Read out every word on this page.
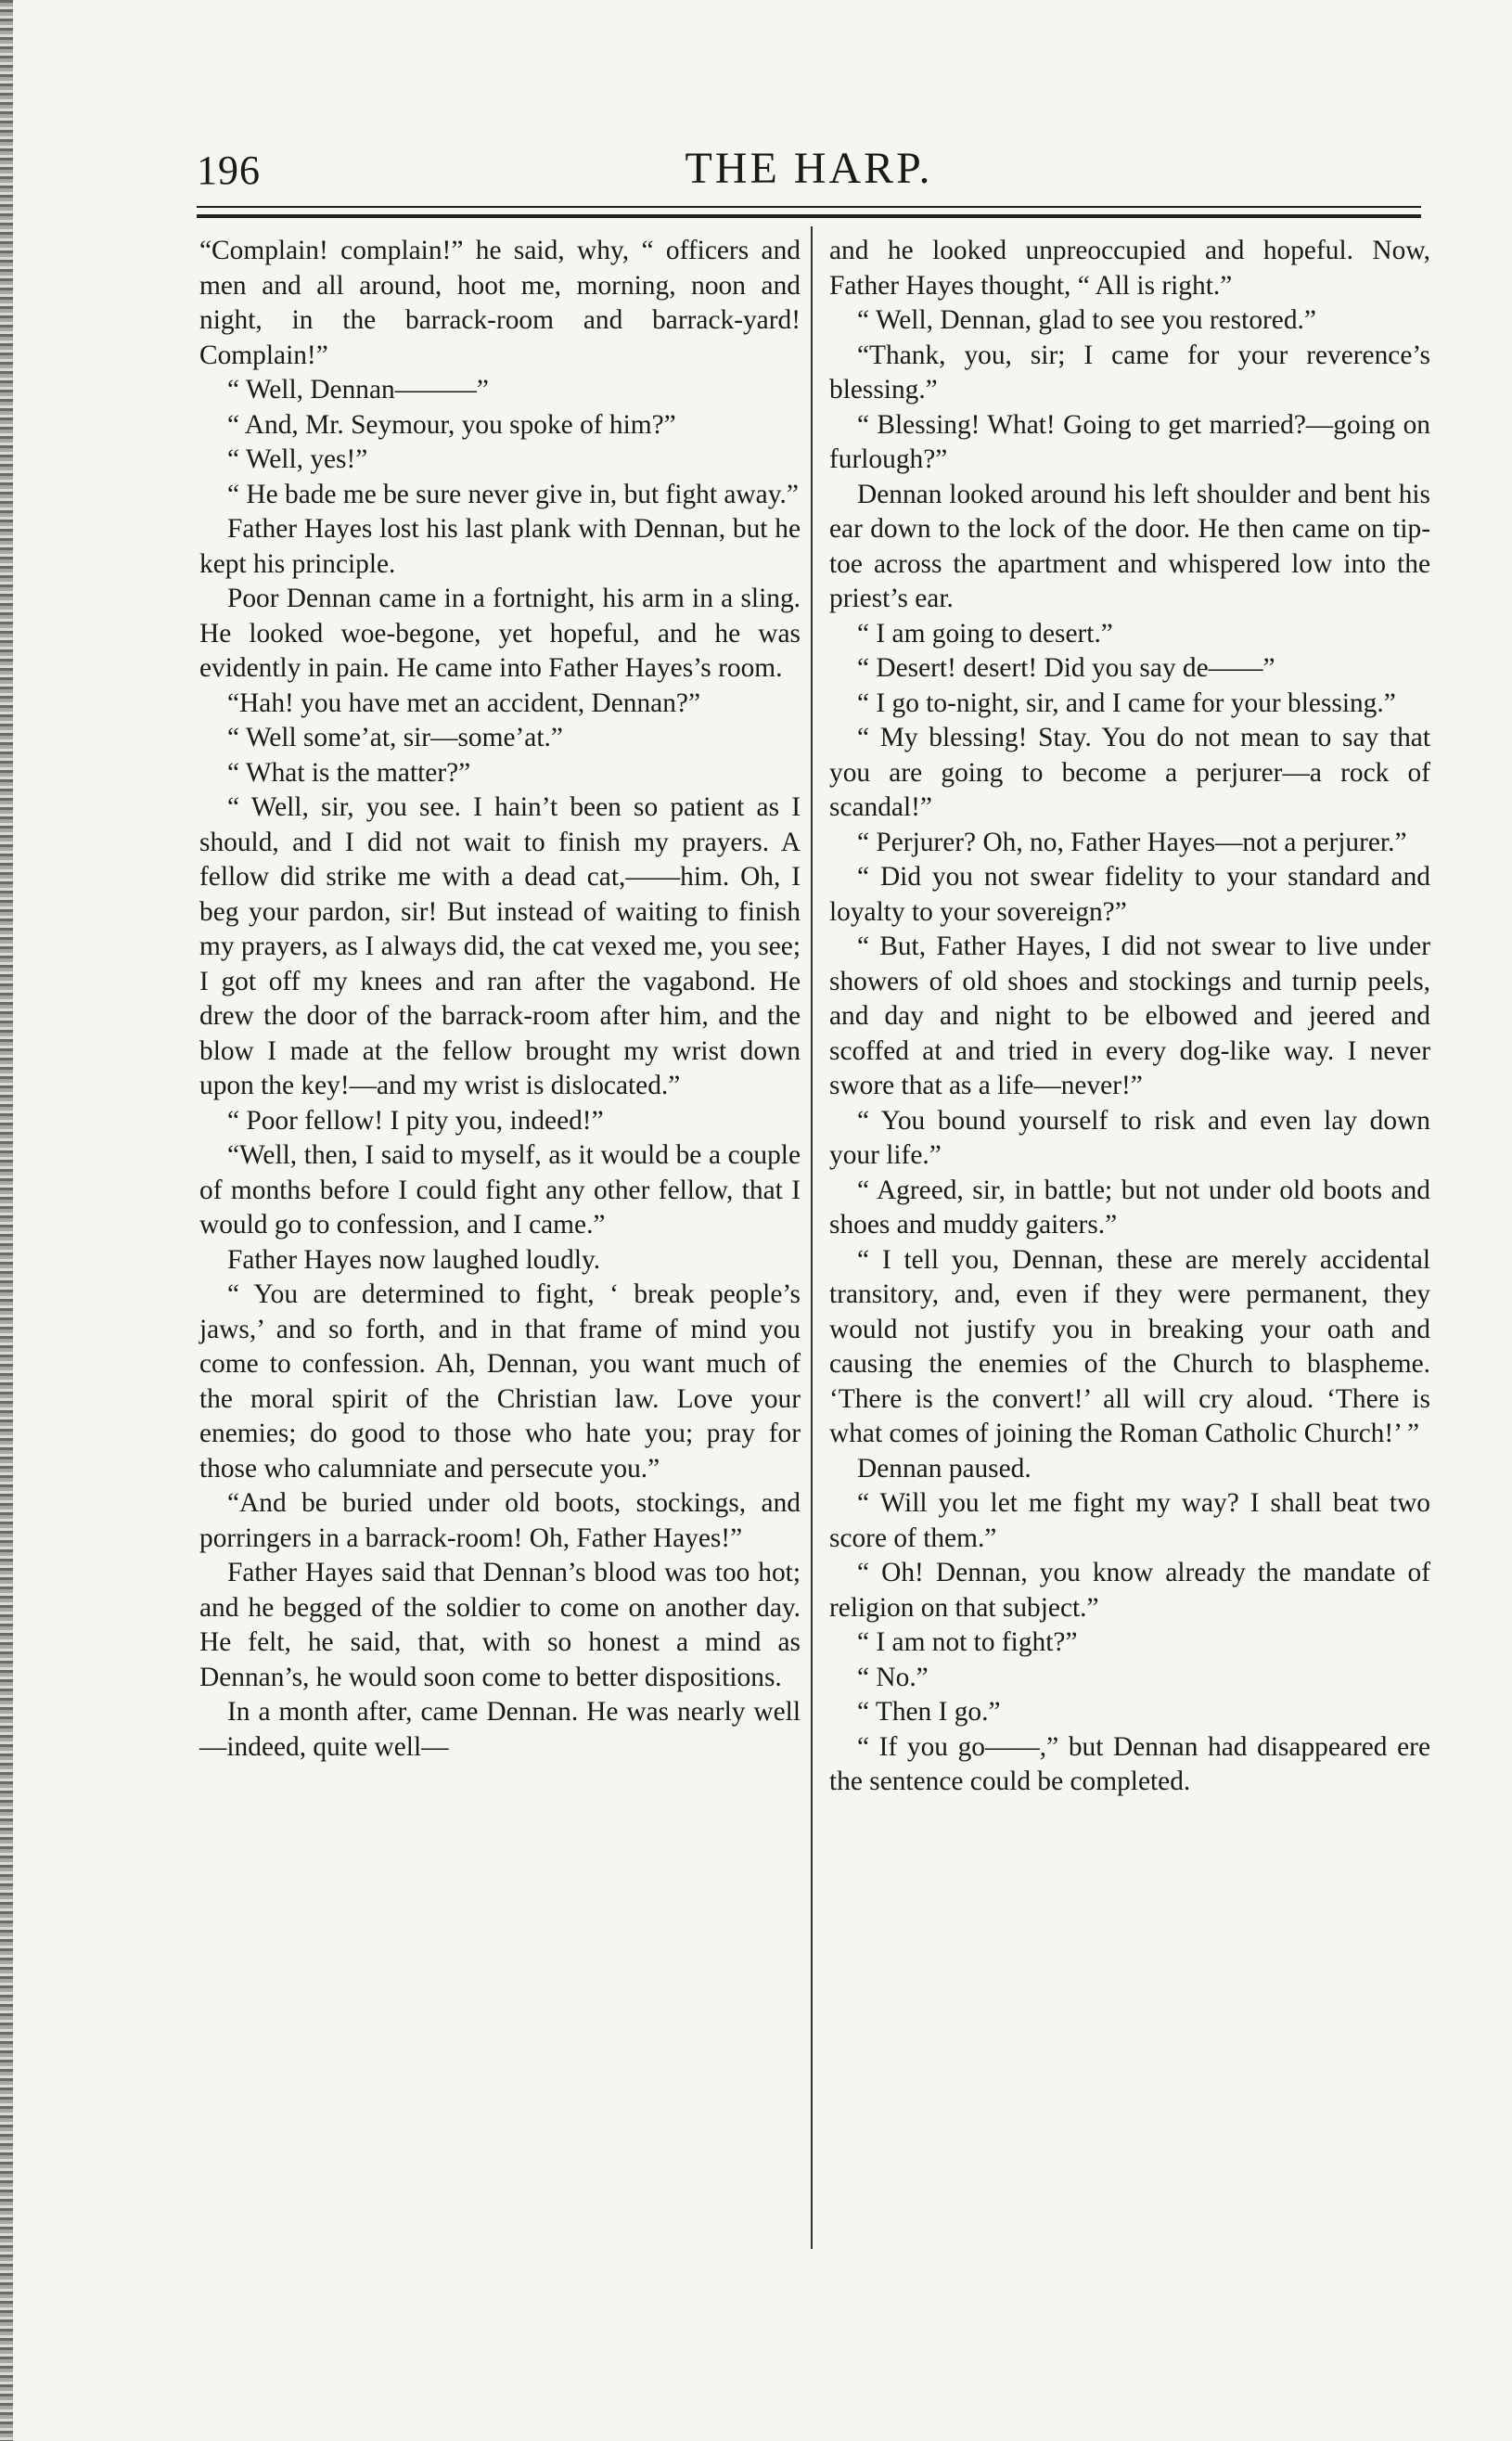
196	THE HARP.

“Complain! complain!” he said, why, “ officers and men and all around, hoot me, morning, noon and night, in the barrack-room and barrack-yard! Complain!”

“ Well, Dennan———”

“ And, Mr. Seymour, you spoke of him?”

“ Well, yes!”

“ He bade me be sure never give in, but fight away.”

Father Hayes lost his last plank with Dennan, but he kept his principle.

Poor Dennan came in a fortnight, his arm in a sling. He looked woe-begone, yet hopeful, and he was evidently in pain. He came into Father Hayes’s room.

“Hah! you have met an accident, Dennan?”

“ Well some’at, sir—some’at.”

“ What is the matter?”

“ Well, sir, you see. I hain’t been so patient as I should, and I did not wait to finish my prayers. A fellow did strike me with a dead cat,——him. Oh, I beg your pardon, sir! But instead of waiting to finish my prayers, as I always did, the cat vexed me, you see; I got off my knees and ran after the vagabond. He drew the door of the barrack-room after him, and the blow I made at the fellow brought my wrist down upon the key!—and my wrist is dislocated.”

“ Poor fellow! I pity you, indeed!”

“Well, then, I said to myself, as it would be a couple of months before I could fight any other fellow, that I would go to confession, and I came.”

Father Hayes now laughed loudly.

“ You are determined to fight, ‘ break people’s jaws,’ and so forth, and in that frame of mind you come to confession. Ah, Dennan, you want much of the moral spirit of the Christian law. Love your enemies; do good to those who hate you; pray for those who calumniate and persecute you.”

“And be buried under old boots, stockings, and porringers in a barrack-room! Oh, Father Hayes!”

Father Hayes said that Dennan’s blood was too hot; and he begged of the soldier to come on another day. He felt, he said, that, with so honest a mind as Dennan’s, he would soon come to better dispositions.

In a month after, came Dennan. He was nearly well—indeed, quite well—

and he looked unpreoccupied and hopeful. Now, Father Hayes thought, “ All is right.”

“ Well, Dennan, glad to see you restored.”

“Thank, you, sir; I came for your reverence’s blessing.”

“ Blessing! What! Going to get married?—going on furlough?”

Dennan looked around his left shoulder and bent his ear down to the lock of the door. He then came on tip-toe across the apartment and whispered low into the priest’s ear.

“ I am going to desert.”

“ Desert! desert! Did you say de——”

“ I go to-night, sir, and I came for your blessing.”

“ My blessing! Stay. You do not mean to say that you are going to become a perjurer—a rock of scandal!”

“ Perjurer? Oh, no, Father Hayes—not a perjurer.”

“ Did you not swear fidelity to your standard and loyalty to your sovereign?”

“ But, Father Hayes, I did not swear to live under showers of old shoes and stockings and turnip peels, and day and night to be elbowed and jeered and scoffed at and tried in every dog-like way. I never swore that as a life—never!”

“ You bound yourself to risk and even lay down your life.”

“ Agreed, sir, in battle; but not under old boots and shoes and muddy gaiters.”

“ I tell you, Dennan, these are merely accidental transitory, and, even if they were permanent, they would not justify you in breaking your oath and causing the enemies of the Church to blaspheme. ‘There is the convert!’ all will cry aloud. ‘There is what comes of joining the Roman Catholic Church!’ ”

Dennan paused.

“ Will you let me fight my way? I shall beat two score of them.”

“ Oh! Dennan, you know already the mandate of religion on that subject.”

“ I am not to fight?”

“ No.”

“ Then I go.”

“ If you go——,” but Dennan had disappeared ere the sentence could be completed.
